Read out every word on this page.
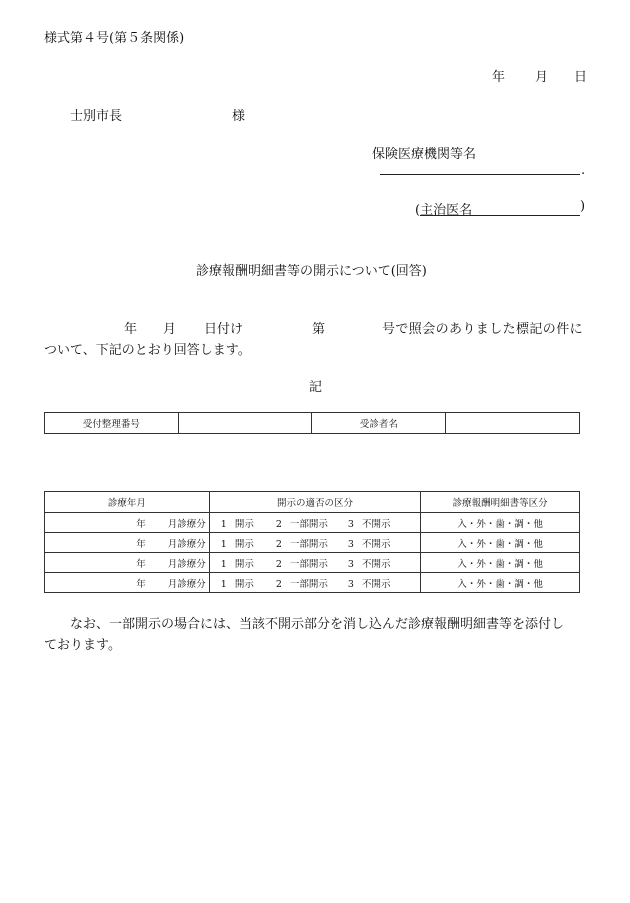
様式第４号(第５条関係)
年 月 日
士別市長	様
保険医療機関等名
.
(主治医名	)
診療報酬明細書等の開示について(回答)
年 月 日付け	第	号で照会のありました標記の件に
ついて、下記のとおり回答します。
記
受付整理番号		受診者名	
診療年月	開示の適否の区分	診療報酬明細書等区分
年 月診療分	1 開示 2 一部開示 3 不開示	入・外・歯・調・他
年 月診療分	1 開示 2 一部開示 3 不開示	入・外・歯・調・他
年 月診療分	1 開示 2 一部開示 3 不開示	入・外・歯・調・他
年 月診療分	1 開示 2 一部開示 3 不開示	入・外・歯・調・他
なお、一部開示の場合には、当該不開示部分を消し込んだ診療報酬明細書等を添付し
ております。
